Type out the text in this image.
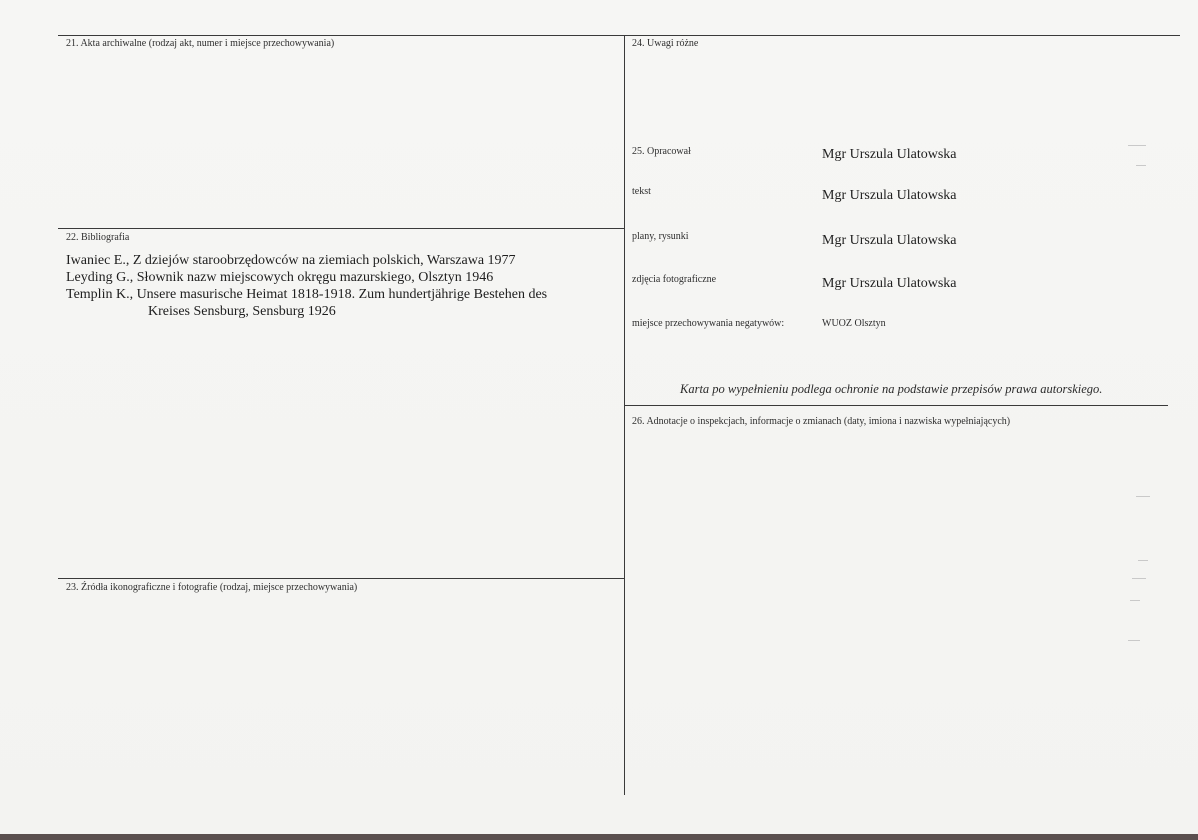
21. Akta archiwalne (rodzaj akt, numer i miejsce przechowywania)
22. Bibliografia
Iwaniec E., Z dziejów staroobrzędowców na ziemiach polskich, Warszawa 1977
Leyding G., Słownik nazw miejscowych okręgu mazurskiego, Olsztyn 1946
Templin K., Unsere masurische Heimat 1818-1918. Zum hundertjährige Bestehen des
Kreises Sensburg, Sensburg 1926
23. Źródła ikonograficzne i fotografie (rodzaj, miejsce przechowywania)
24. Uwagi różne
25. Opracował	Mgr Urszula Ulatowska
tekst	Mgr Urszula Ulatowska
plany, rysunki	Mgr Urszula Ulatowska
zdjęcia fotograficzne	Mgr Urszula Ulatowska
miejsce przechowywania negatywów:	WUOZ Olsztyn
Karta po wypełnieniu podlega ochronie na podstawie przepisów prawa autorskiego.
26. Adnotacje o inspekcjach, informacje o zmianach (daty, imiona i nazwiska wypełniających)
